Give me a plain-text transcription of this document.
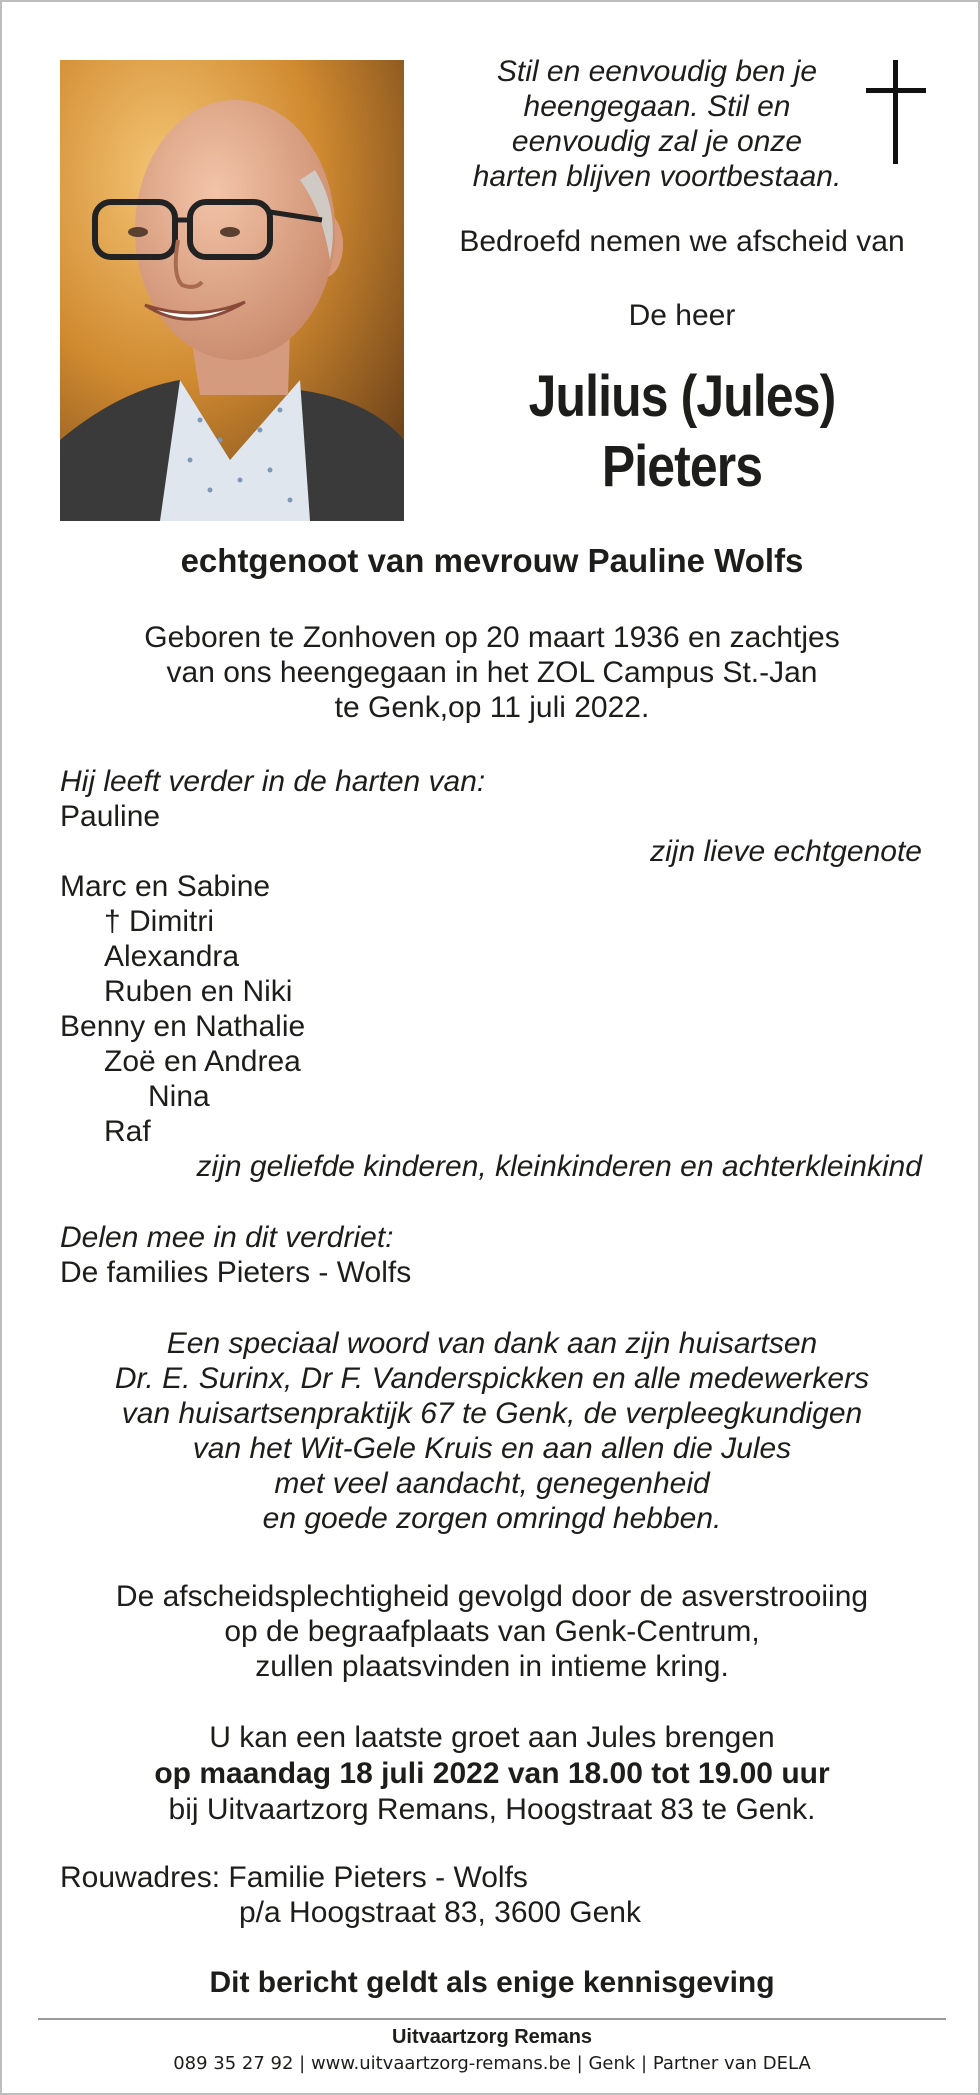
Stil en eenvoudig ben je
heengegaan. Stil en
eenvoudig zal je onze
harten blijven voortbestaan.
Bedroefd nemen we afscheid van
De heer
Julius (Jules)
Pieters
echtgenoot van mevrouw Pauline Wolfs
Geboren te Zonhoven op 20 maart 1936 en zachtjes
van ons heengegaan in het ZOL Campus St.-Jan
te Genk,op 11 juli 2022.
Hij leeft verder in de harten van:
Pauline
zijn lieve echtgenote
Marc en Sabine
† Dimitri
Alexandra
Ruben en Niki
Benny en Nathalie
Zoë en Andrea
Nina
Raf
zijn geliefde kinderen, kleinkinderen en achterkleinkind
Delen mee in dit verdriet:
De families Pieters - Wolfs
Een speciaal woord van dank aan zijn huisartsen
Dr. E. Surinx, Dr F. Vanderspickken en alle medewerkers
van huisartsenpraktijk 67 te Genk, de verpleegkundigen
van het Wit-Gele Kruis en aan allen die Jules
met veel aandacht, genegenheid
en goede zorgen omringd hebben.
De afscheidsplechtigheid gevolgd door de asverstrooiing
op de begraafplaats van Genk-Centrum,
zullen plaatsvinden in intieme kring.
U kan een laatste groet aan Jules brengen
op maandag 18 juli 2022 van 18.00 tot 19.00 uur
bij Uitvaartzorg Remans, Hoogstraat 83 te Genk.
Rouwadres: Familie Pieters - Wolfs
p/a Hoogstraat 83, 3600 Genk
Dit bericht geldt als enige kennisgeving
Uitvaartzorg Remans
089 35 27 92 | www.uitvaartzorg-remans.be | Genk | Partner van DELA
